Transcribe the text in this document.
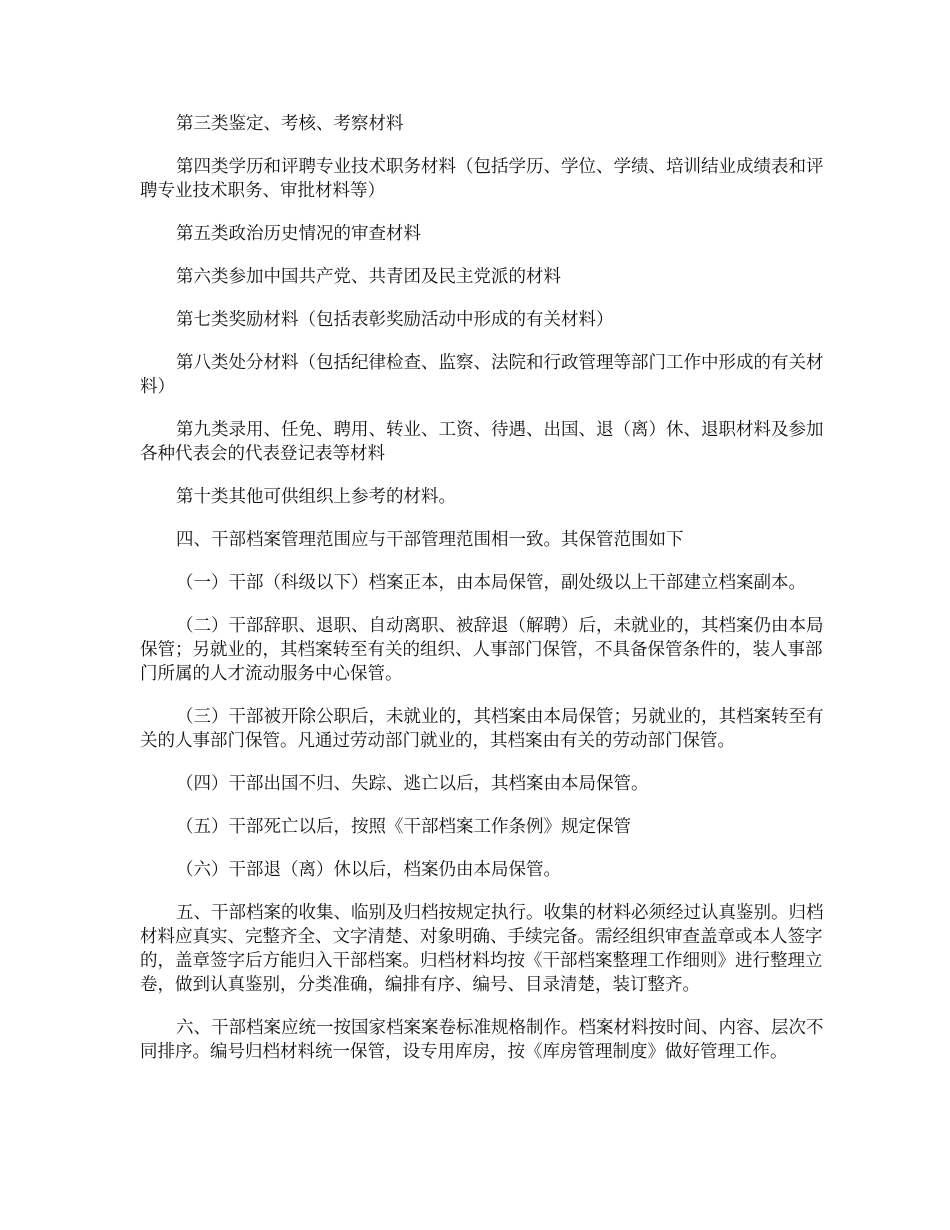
第三类鉴定、考核、考察材料

第四类学历和评聘专业技术职务材料（包括学历、学位、学绩、培训结业成绩表和评聘专业技术职务、审批材料等）

第五类政治历史情况的审查材料

第六类参加中国共产党、共青团及民主党派的材料

第七类奖励材料（包括表彰奖励活动中形成的有关材料）

第八类处分材料（包括纪律检查、监察、法院和行政管理等部门工作中形成的有关材料）

第九类录用、任免、聘用、转业、工资、待遇、出国、退（离）休、退职材料及参加各种代表会的代表登记表等材料

第十类其他可供组织上参考的材料。

四、干部档案管理范围应与干部管理范围相一致。其保管范围如下

（一）干部（科级以下）档案正本，由本局保管，副处级以上干部建立档案副本。

（二）干部辞职、退职、自动离职、被辞退（解聘）后，未就业的，其档案仍由本局保管；另就业的，其档案转至有关的组织、人事部门保管，不具备保管条件的，装人事部门所属的人才流动服务中心保管。

（三）干部被开除公职后，未就业的，其档案由本局保管；另就业的，其档案转至有关的人事部门保管。凡通过劳动部门就业的，其档案由有关的劳动部门保管。

（四）干部出国不归、失踪、逃亡以后，其档案由本局保管。

（五）干部死亡以后，按照《干部档案工作条例》规定保管

（六）干部退（离）休以后，档案仍由本局保管。

五、干部档案的收集、临别及归档按规定执行。收集的材料必须经过认真鉴别。归档材料应真实、完整齐全、文字清楚、对象明确、手续完备。需经组织审查盖章或本人签字的，盖章签字后方能归入干部档案。归档材料均按《干部档案整理工作细则》进行整理立卷，做到认真鉴别，分类准确，编排有序、编号、目录清楚，装订整齐。

六、干部档案应统一按国家档案案卷标准规格制作。档案材料按时间、内容、层次不同排序。编号归档材料统一保管，设专用库房，按《库房管理制度》做好管理工作。
